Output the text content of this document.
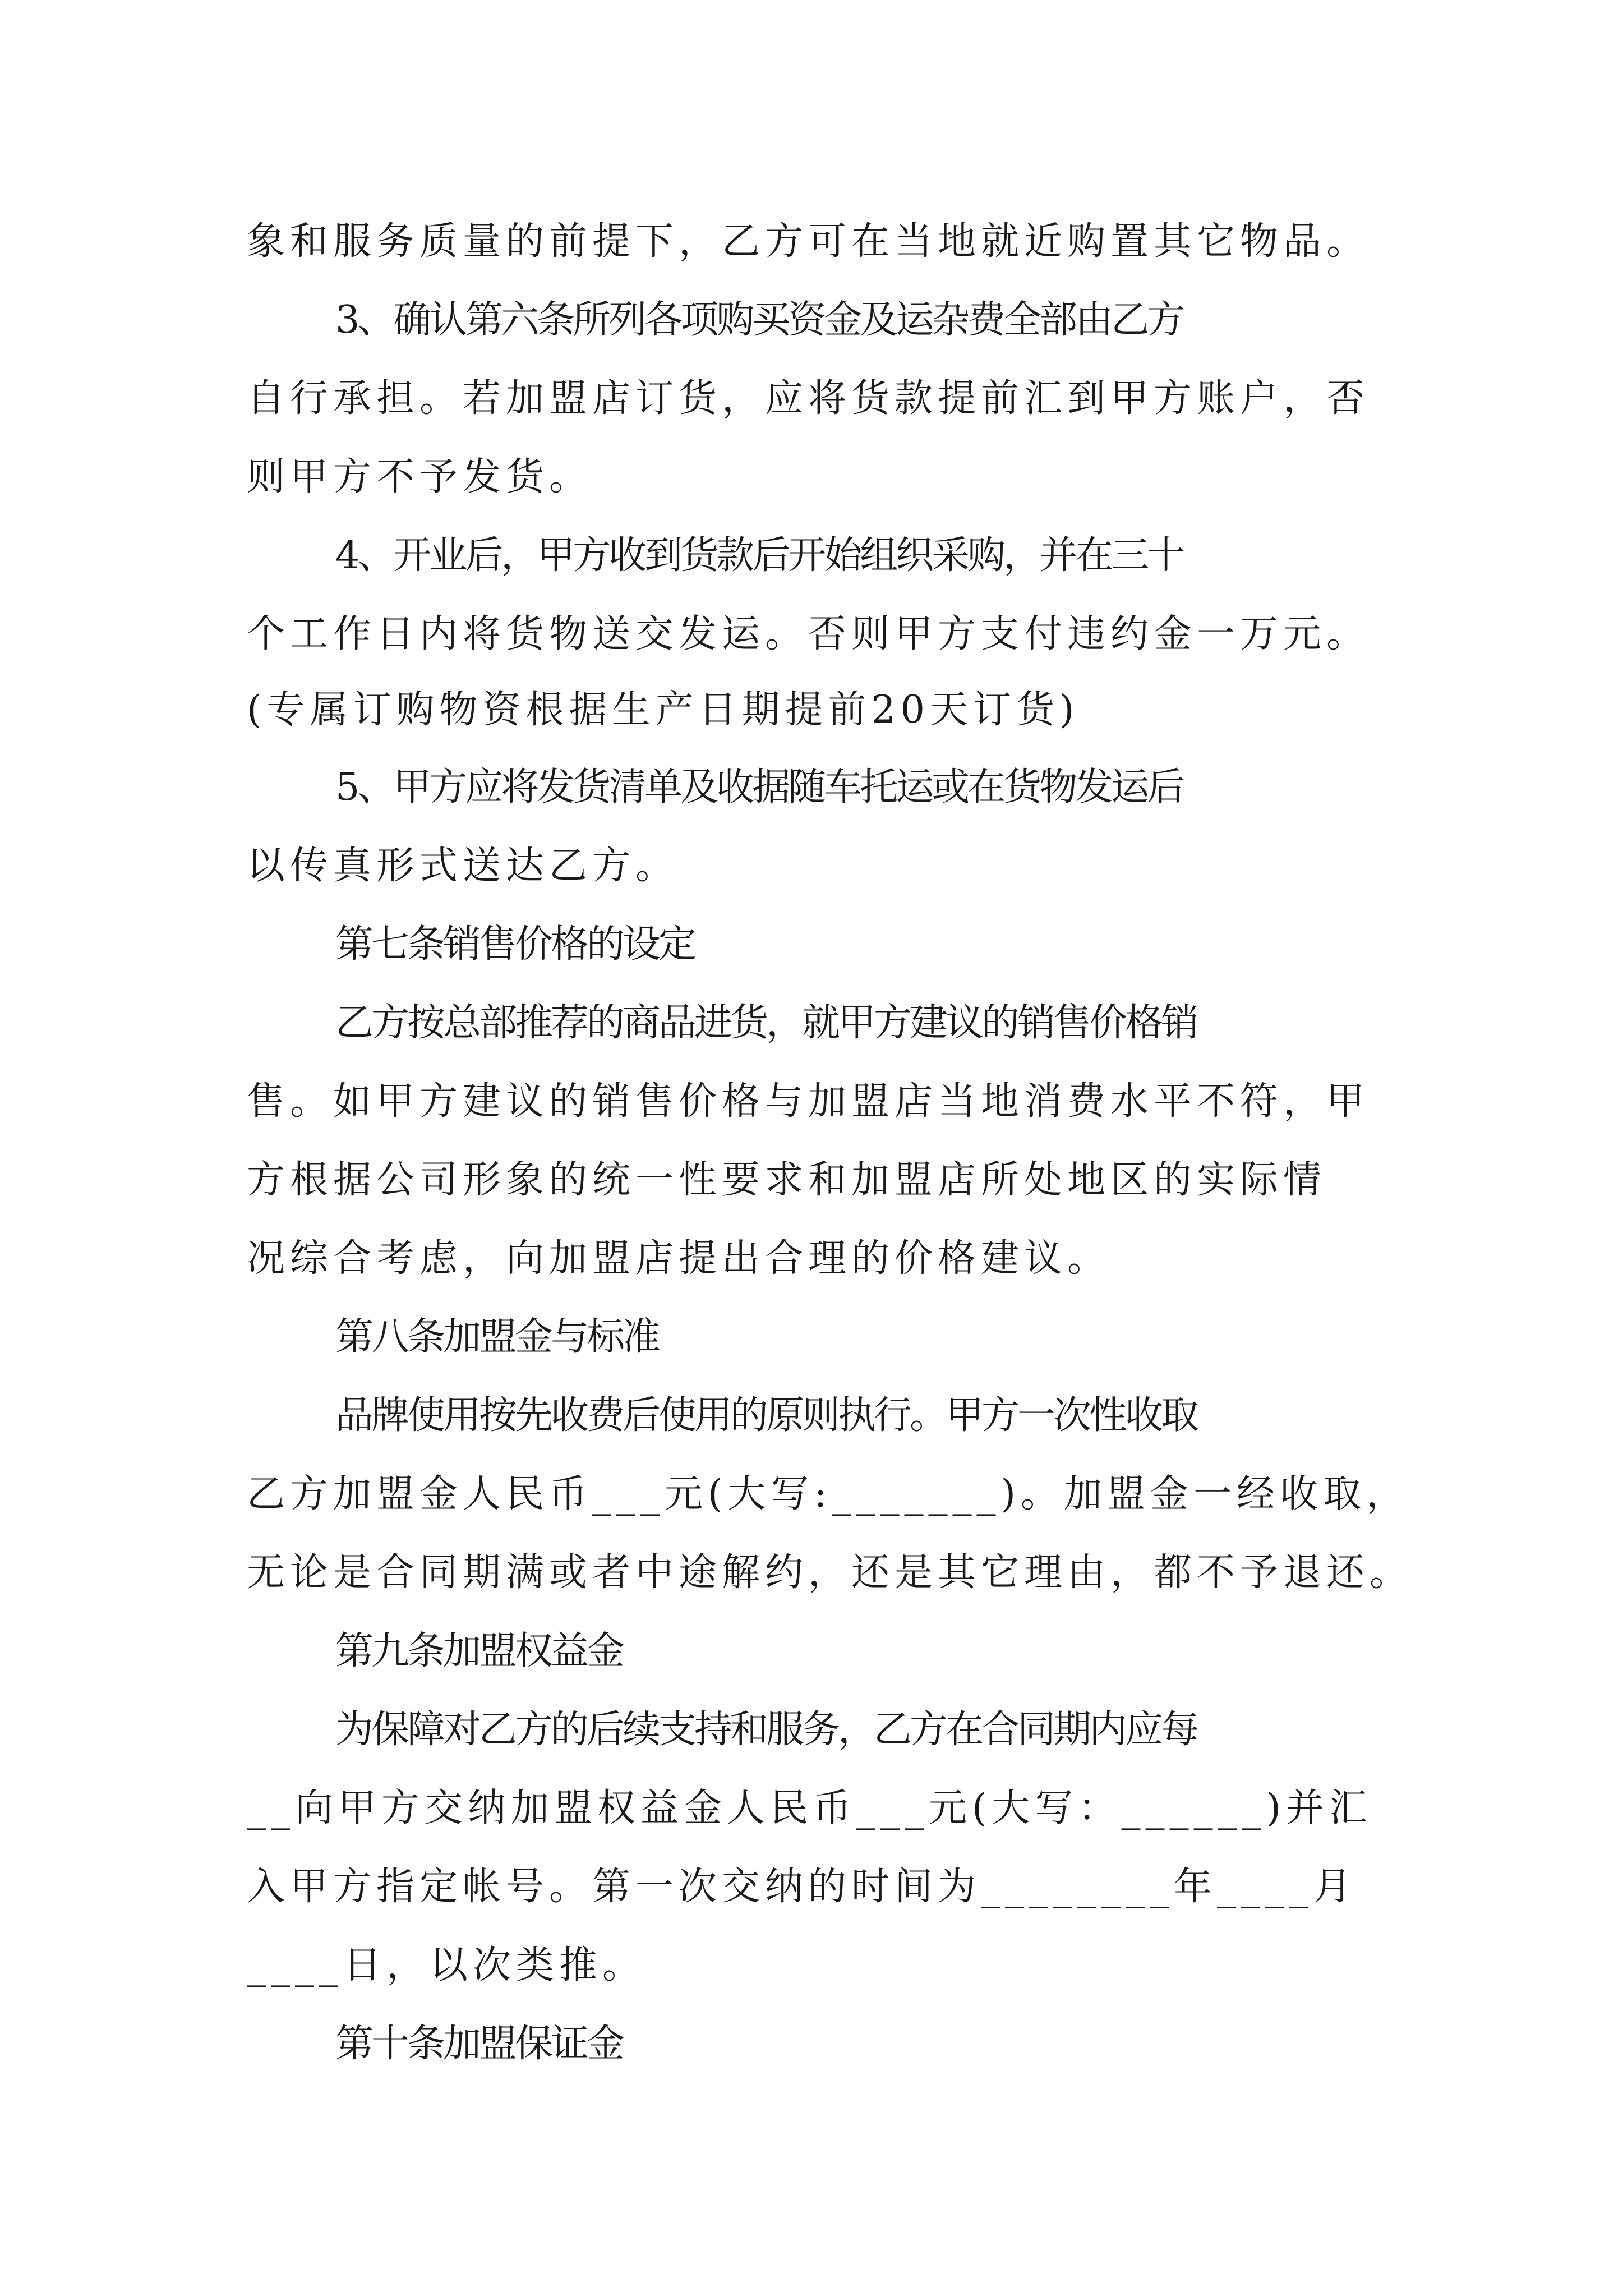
象和服务质量的前提下，乙方可在当地就近购置其它物品。
3、确认第六条所列各项购买资金及运杂费全部由乙方
自行承担。若加盟店订货，应将货款提前汇到甲方账户，否
则甲方不予发货。
4、开业后，甲方收到货款后开始组织采购，并在三十
个工作日内将货物送交发运。否则甲方支付违约金一万元。
(专属订购物资根据生产日期提前20天订货)
5、甲方应将发货清单及收据随车托运或在货物发运后
以传真形式送达乙方。
第七条销售价格的设定
乙方按总部推荐的商品进货，就甲方建议的销售价格销
售。如甲方建议的销售价格与加盟店当地消费水平不符，甲
方根据公司形象的统一性要求和加盟店所处地区的实际情
况综合考虑，向加盟店提出合理的价格建议。
第八条加盟金与标准
品牌使用按先收费后使用的原则执行。甲方一次性收取
乙方加盟金人民币___元(大写:_______)。加盟金一经收取，
无论是合同期满或者中途解约，还是其它理由，都不予退还。
第九条加盟权益金
为保障对乙方的后续支持和服务，乙方在合同期内应每
__向甲方交纳加盟权益金人民币___元(大写：______)并汇
入甲方指定帐号。第一次交纳的时间为________年____月
____日，以次类推。
第十条加盟保证金
